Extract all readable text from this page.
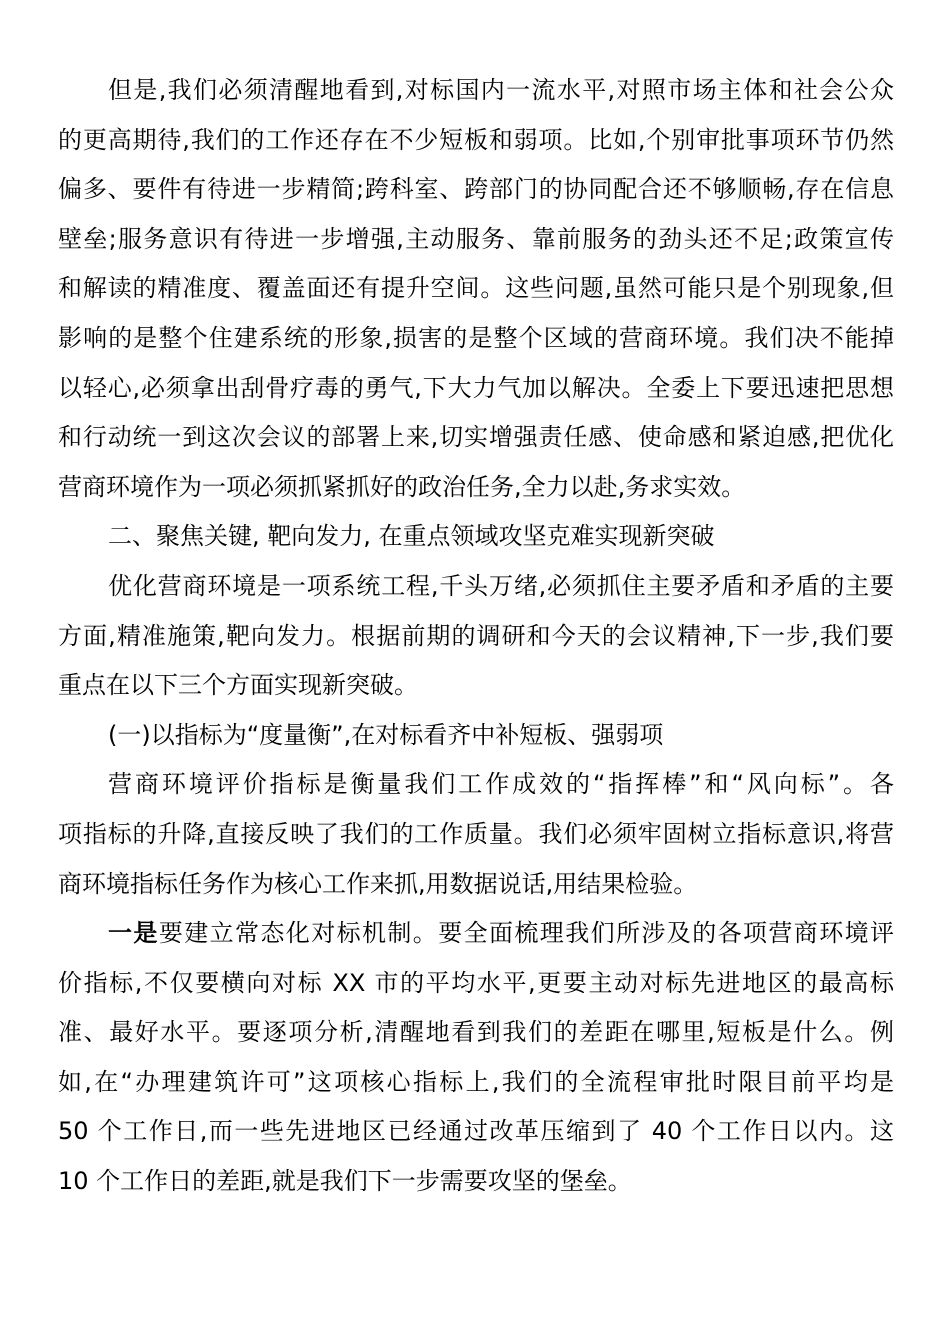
但是,我们必须清醒地看到,对标国内一流水平,对照市场主体和社会公众
的更高期待,我们的工作还存在不少短板和弱项。比如,个别审批事项环节仍然
偏多、要件有待进一步精简;跨科室、跨部门的协同配合还不够顺畅,存在信息
壁垒;服务意识有待进一步增强,主动服务、靠前服务的劲头还不足;政策宣传
和解读的精准度、覆盖面还有提升空间。这些问题,虽然可能只是个别现象,但
影响的是整个住建系统的形象,损害的是整个区域的营商环境。我们决不能掉
以轻心,必须拿出刮骨疗毒的勇气,下大力气加以解决。全委上下要迅速把思想
和行动统一到这次会议的部署上来,切实增强责任感、使命感和紧迫感,把优化
营商环境作为一项必须抓紧抓好的政治任务,全力以赴,务求实效。
二、聚焦关键, 靶向发力, 在重点领域攻坚克难实现新突破
优化营商环境是一项系统工程,千头万绪,必须抓住主要矛盾和矛盾的主要
方面,精准施策,靶向发力。根据前期的调研和今天的会议精神,下一步,我们要
重点在以下三个方面实现新突破。
(一)以指标为“度量衡”,在对标看齐中补短板、强弱项
营商环境评价指标是衡量我们工作成效的“指挥棒”和“风向标”。各
项指标的升降,直接反映了我们的工作质量。我们必须牢固树立指标意识,将营
商环境指标任务作为核心工作来抓,用数据说话,用结果检验。
一是要建立常态化对标机制。要全面梳理我们所涉及的各项营商环境评
价指标,不仅要横向对标 XX 市的平均水平,更要主动对标先进地区的最高标
准、最好水平。要逐项分析,清醒地看到我们的差距在哪里,短板是什么。例
如,在“办理建筑许可”这项核心指标上,我们的全流程审批时限目前平均是
50 个工作日,而一些先进地区已经通过改革压缩到了 40 个工作日以内。这
10 个工作日的差距,就是我们下一步需要攻坚的堡垒。
